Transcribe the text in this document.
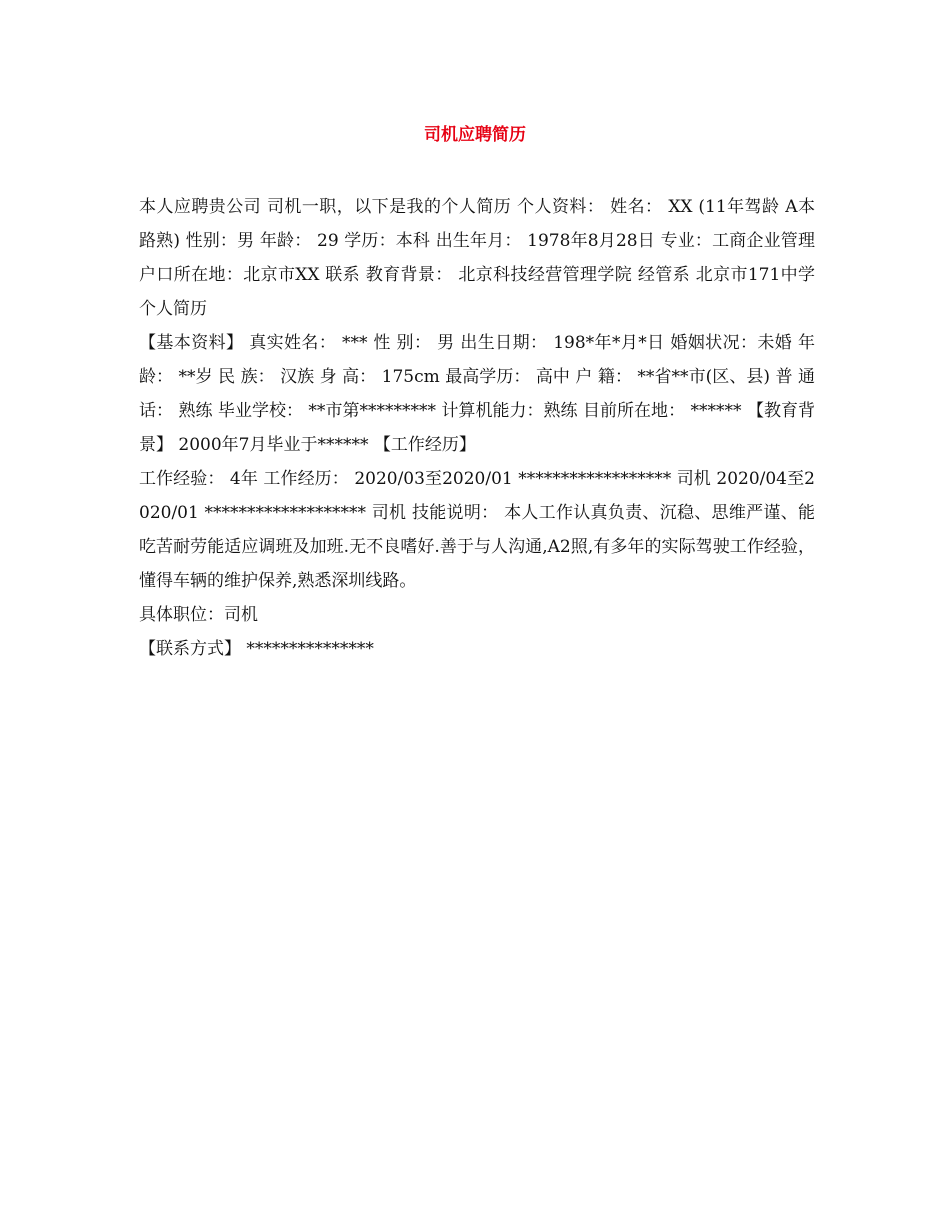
司机应聘简历

本人应聘贵公司 司机一职，以下是我的个人简历 个人资料： 姓名： XX (11年驾龄 A本 路熟) 性别：男 年龄： 29 学历：本科 出生年月： 1978年8月28日 专业：工商企业管理 户口所在地：北京市XX 联系 教育背景： 北京科技经营管理学院 经管系 北京市171中学 个人简历

【基本资料】 真实姓名： *** 性 别： 男 出生日期： 198*年*月*日 婚姻状况：未婚 年 龄： **岁 民 族： 汉族 身 高： 175cm 最高学历： 高中 户 籍： **省**市(区、县) 普 通 话： 熟练 毕业学校： **市第********* 计算机能力：熟练 目前所在地： ****** 【教育背景】 2000年7月毕业于****** 【工作经历】

工作经验： 4年 工作经历： 2020/03至2020/01 ****************** 司机 2020/04至2020/01 ******************* 司机 技能说明： 本人工作认真负责、沉稳、思维严谨、能吃苦耐劳能适应调班及加班.无不良嗜好.善于与人沟通,A2照,有多年的实际驾驶工作经验，懂得车辆的维护保养,熟悉深圳线路。

具体职位：司机

【联系方式】 ***************
